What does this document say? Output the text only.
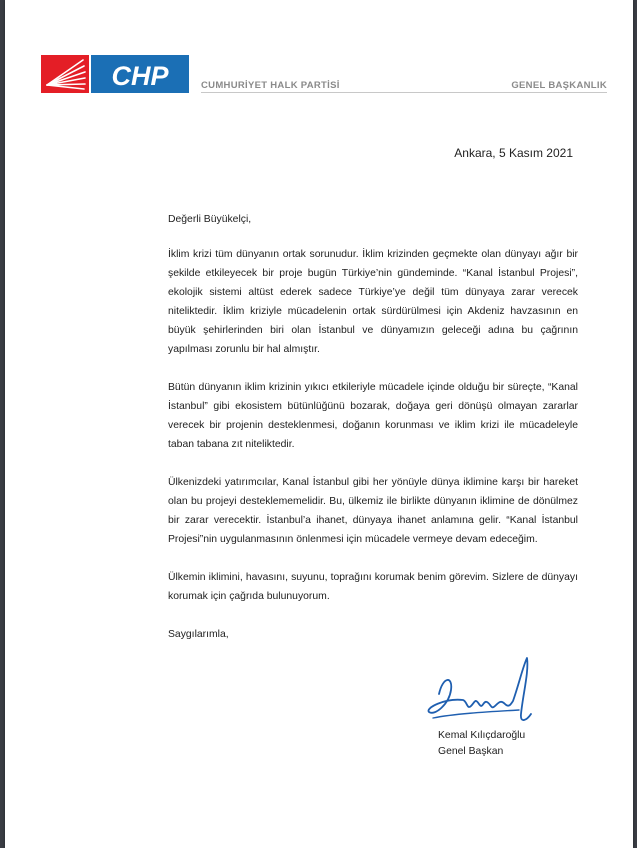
CHP	CUMHURİYET HALK PARTİSİ	GENEL BAŞKANLIK
Ankara, 5 Kasım 2021

Değerli Büyükelçi,

İklim krizi tüm dünyanın ortak sorunudur. İklim krizinden geçmekte olan dünyayı ağır bir şekilde etkileyecek bir proje bugün Türkiye’nin gündeminde. “Kanal İstanbul Projesi”, ekolojik sistemi altüst ederek sadece Türkiye’ye değil tüm dünyaya zarar verecek niteliktedir. İklim kriziyle mücadelenin ortak sürdürülmesi için Akdeniz havzasının en büyük şehirlerinden biri olan İstanbul ve dünyamızın geleceği adına bu çağrının yapılması zorunlu bir hal almıştır.

Bütün dünyanın iklim krizinin yıkıcı etkileriyle mücadele içinde olduğu bir süreçte, “Kanal İstanbul” gibi ekosistem bütünlüğünü bozarak, doğaya geri dönüşü olmayan zararlar verecek bir projenin desteklenmesi, doğanın korunması ve iklim krizi ile mücadeleyle taban tabana zıt niteliktedir.

Ülkenizdeki yatırımcılar, Kanal İstanbul gibi her yönüyle dünya iklimine karşı bir hareket olan bu projeyi desteklememelidir. Bu, ülkemiz ile birlikte dünyanın iklimine de dönülmez bir zarar verecektir. İstanbul’a ihanet, dünyaya ihanet anlamına gelir. “Kanal İstanbul Projesi”nin uygulanmasının önlenmesi için mücadele vermeye devam edeceğim.

Ülkemin iklimini, havasını, suyunu, toprağını korumak benim görevim. Sizlere de dünyayı korumak için çağrıda bulunuyorum.

Saygılarımla,

Kemal Kılıçdaroğlu
Genel Başkan
